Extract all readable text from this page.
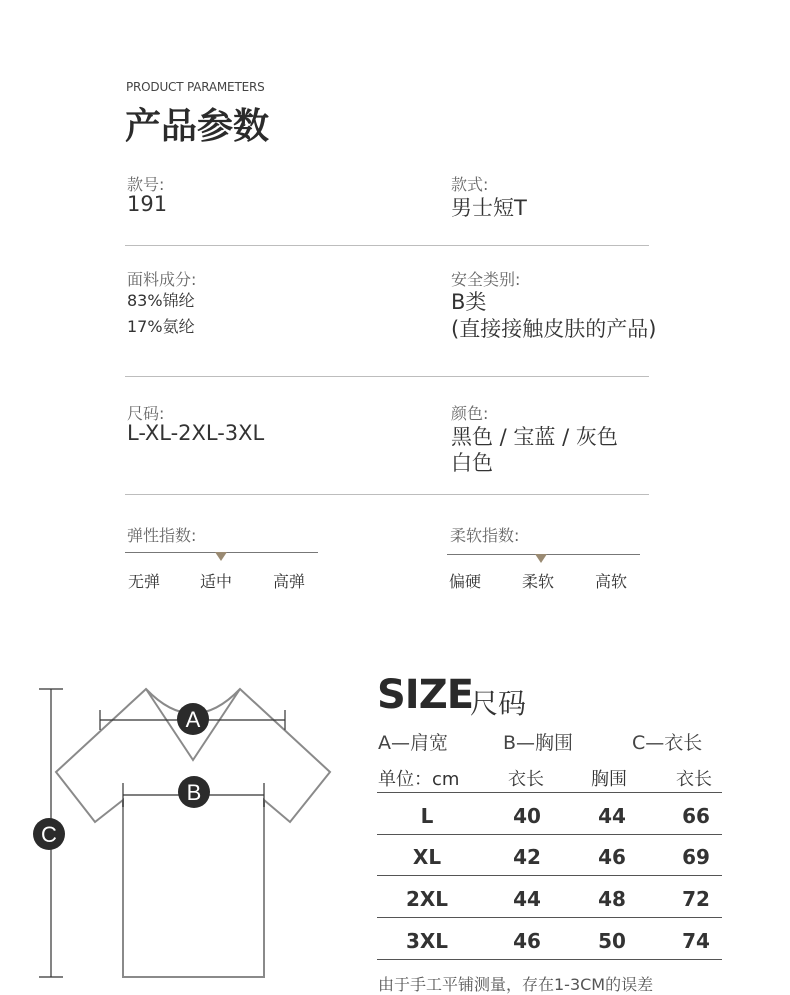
PRODUCT PARAMETERS
产品参数
款号:
191
款式:
男士短T
面料成分:
83%锦纶
17%氨纶
安全类别:
B类
(直接接触皮肤的产品)
尺码:
L-XL-2XL-3XL
颜色:
黑色 / 宝蓝 / 灰色
白色
弹性指数:
无弹 适中	高弹
柔软指数:
偏硬	柔软	高软
A
B
C
SIZE
尺码
A—肩宽	B—胸围	C—衣长
单位：cm	衣长	胸围	衣长
L	40	44	66
XL	42	46	69
2XL	44	48	72
3XL	46	50	74
由于手工平铺测量，存在1-3CM的误差
